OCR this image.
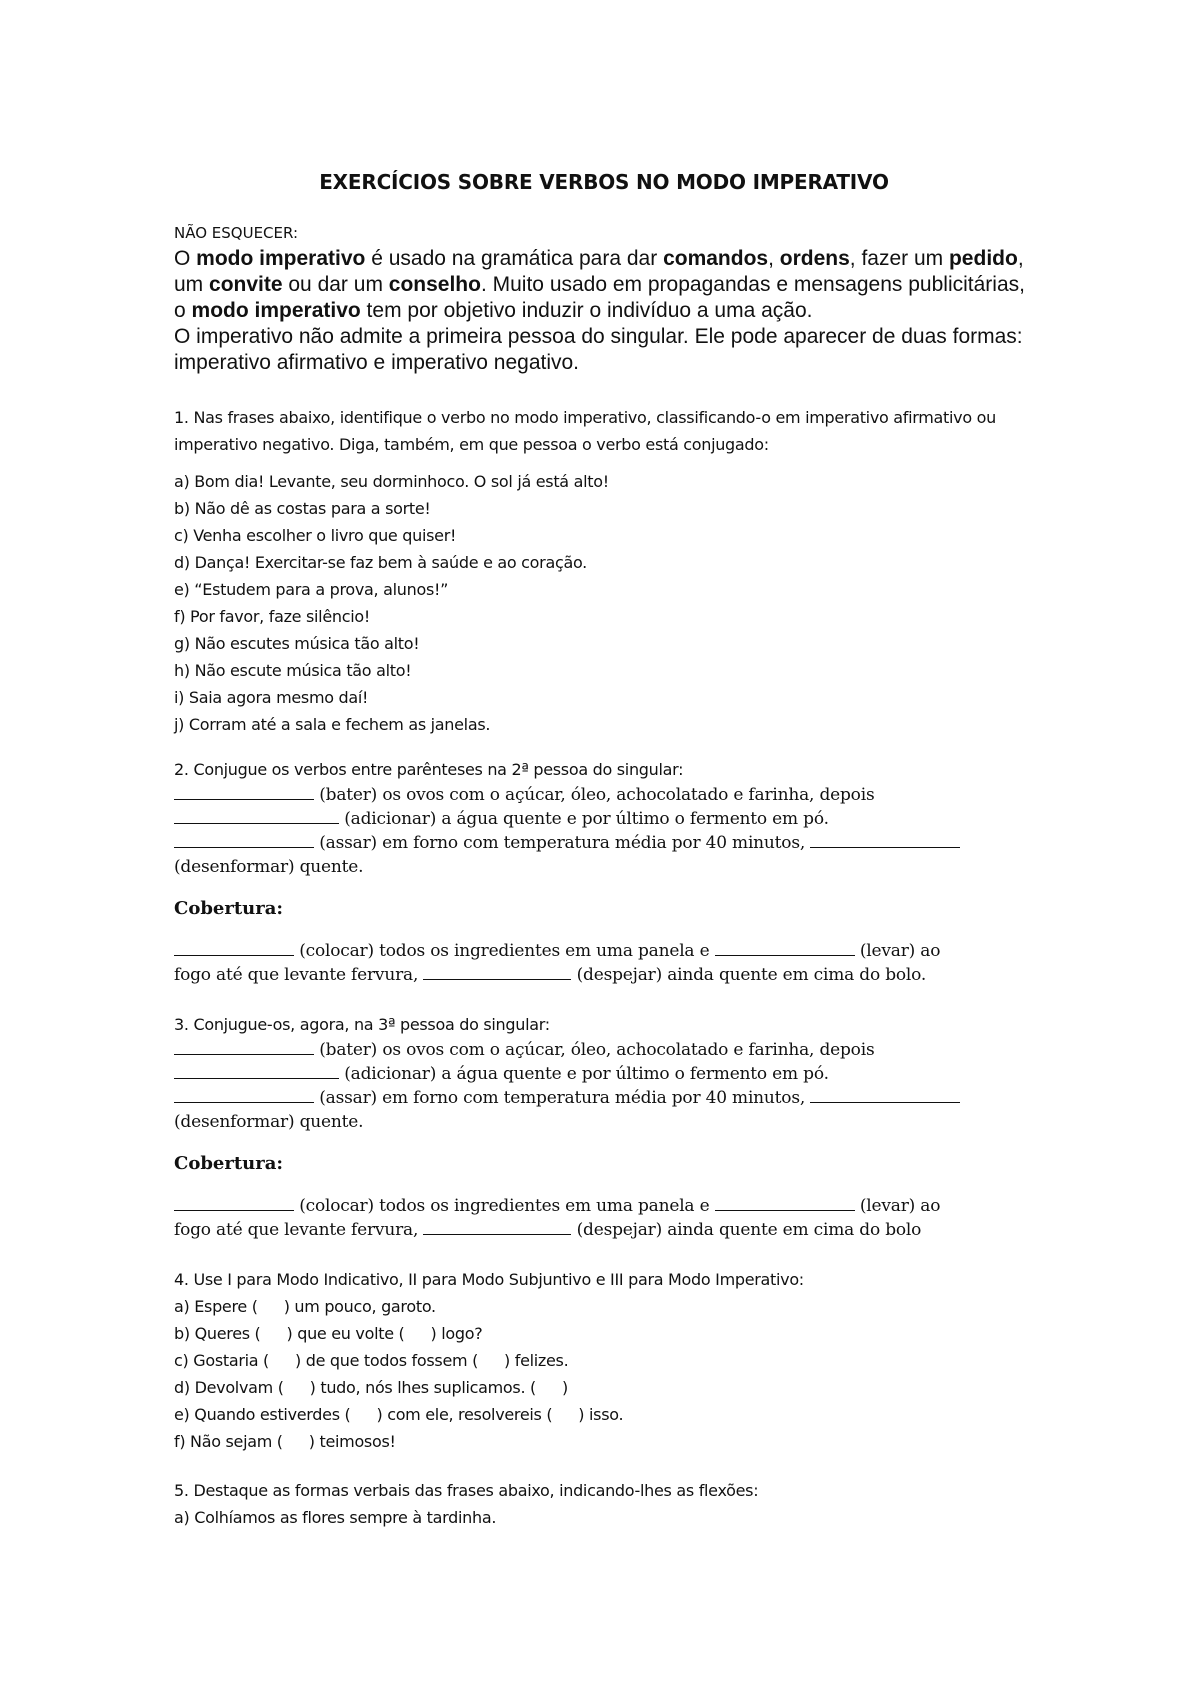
EXERCÍCIOS SOBRE VERBOS NO MODO IMPERATIVO
NÃO ESQUECER:

O modo imperativo é usado na gramática para dar comandos, ordens, fazer um pedido, um convite ou dar um conselho. Muito usado em propagandas e mensagens publicitárias, o modo imperativo tem por objetivo induzir o indivíduo a uma ação.

O imperativo não admite a primeira pessoa do singular. Ele pode aparecer de duas formas: imperativo afirmativo e imperativo negativo.

1. Nas frases abaixo, identifique o verbo no modo imperativo, classificando-o em imperativo afirmativo ou imperativo negativo. Diga, também, em que pessoa o verbo está conjugado:

a) Bom dia! Levante, seu dorminhoco. O sol já está alto!
b) Não dê as costas para a sorte!
c) Venha escolher o livro que quiser!
d) Dança! Exercitar-se faz bem à saúde e ao coração.
e) “Estudem para a prova, alunos!”
f) Por favor, faze silêncio!
g) Não escutes música tão alto!
h) Não escute música tão alto!
i) Saia agora mesmo daí!
j) Corram até a sala e fechem as janelas.

2. Conjugue os verbos entre parênteses na 2ª pessoa do singular:

(bater) os ovos com o açúcar, óleo, achocolatado e farinha, depois

(adicionar) a água quente e por último o fermento em pó.

(assar) em forno com temperatura média por 40 minutos,

(desenformar) quente.

Cobertura:

(colocar) todos os ingredientes em uma panela e	(levar) ao

fogo até que levante fervura,	(despejar) ainda quente em cima do bolo.

3. Conjugue-os, agora, na 3ª pessoa do singular:

(bater) os ovos com o açúcar, óleo, achocolatado e farinha, depois

(adicionar) a água quente e por último o fermento em pó.

(assar) em forno com temperatura média por 40 minutos,

(desenformar) quente.

Cobertura:

(colocar) todos os ingredientes em uma panela e	(levar) ao

fogo até que levante fervura,	(despejar) ainda quente em cima do bolo

4. Use I para Modo Indicativo, II para Modo Subjuntivo e III para Modo Imperativo:

a) Espere ( ) um pouco, garoto.
b) Queres ( ) que eu volte ( ) logo?
c) Gostaria ( ) de que todos fossem ( ) felizes.
d) Devolvam ( ) tudo, nós lhes suplicamos. ( )
e) Quando estiverdes ( ) com ele, resolvereis ( ) isso.
f) Não sejam ( ) teimosos!

5. Destaque as formas verbais das frases abaixo, indicando-lhes as flexões:

a) Colhíamos as flores sempre à tardinha.
